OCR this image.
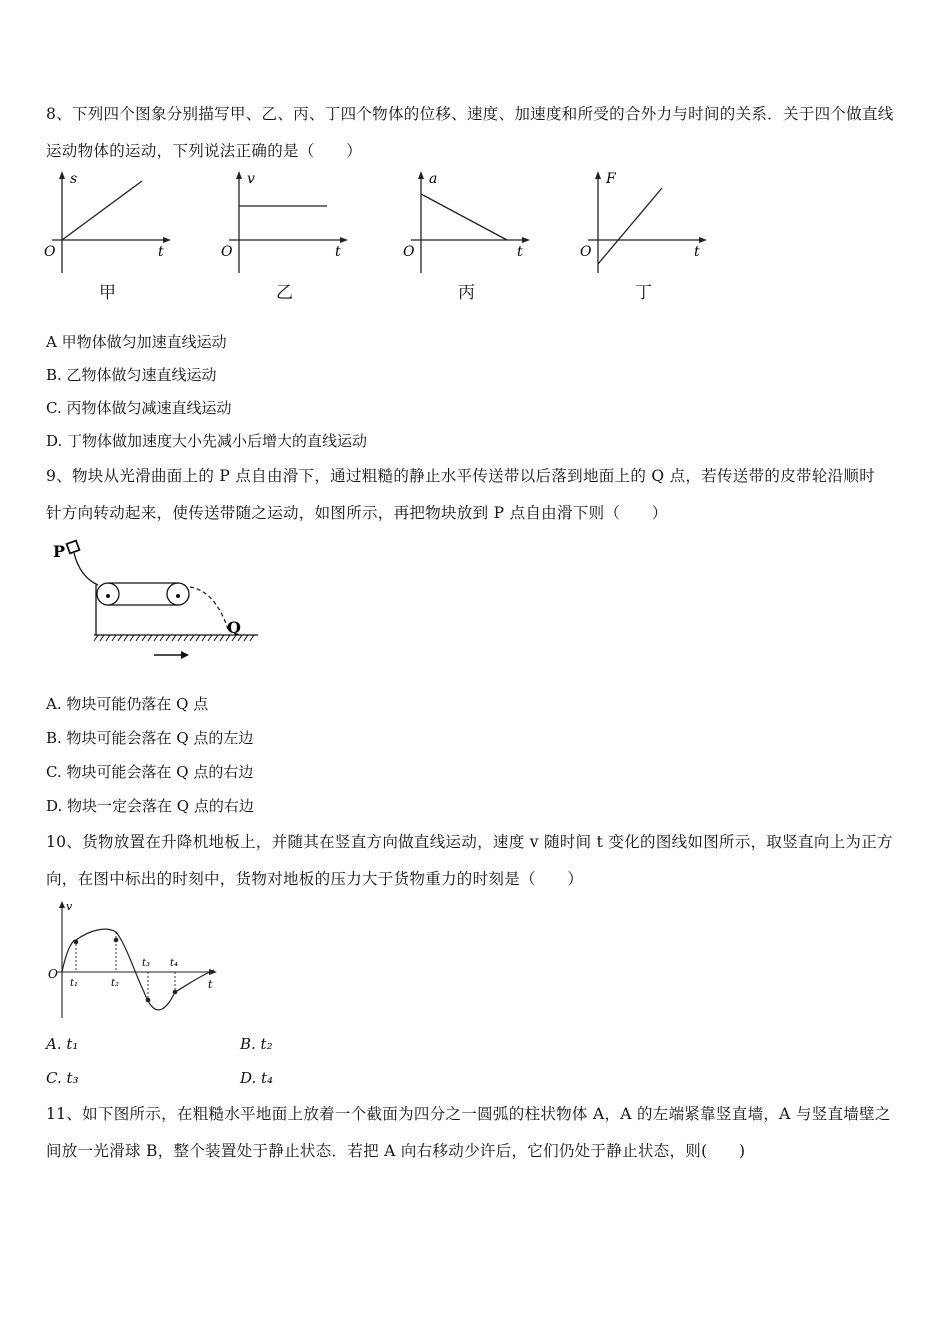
8、下列四个图象分别描写甲、乙、丙、丁四个物体的位移、速度、加速度和所受的合外力与时间的关系．关于四个做直线
运动物体的运动，下列说法正确的是（　　）
s
t
O
甲
v
t
O
乙
a
t
O
丙
F
t
O
丁
A 甲物体做匀加速直线运动
B. 乙物体做匀速直线运动
C. 丙物体做匀减速直线运动
D. 丁物体做加速度大小先减小后增大的直线运动
9、物块从光滑曲面上的 P 点自由滑下，通过粗糙的静止水平传送带以后落到地面上的 Q 点，若传送带的皮带轮沿顺时
针方向转动起来，使传送带随之运动，如图所示，再把物块放到 P 点自由滑下则（　　）
P
Q
A. 物块可能仍落在 Q 点
B. 物块可能会落在 Q 点的左边
C. 物块可能会落在 Q 点的右边
D. 物块一定会落在 Q 点的右边
10、货物放置在升降机地板上，并随其在竖直方向做直线运动，速度 v 随时间 t 变化的图线如图所示，取竖直向上为正方
向，在图中标出的时刻中，货物对地板的压力大于货物重力的时刻是（　　）
v
t
O
t₁	t₂
t₃ t₄
A. t₁	B. t₂
C. t₃	D. t₄
11、如下图所示，在粗糙水平地面上放着一个截面为四分之一圆弧的柱状物体 A，A 的左端紧靠竖直墙，A 与竖直墙壁之
间放一光滑球 B，整个装置处于静止状态．若把 A 向右移动少许后，它们仍处于静止状态，则(　　)
